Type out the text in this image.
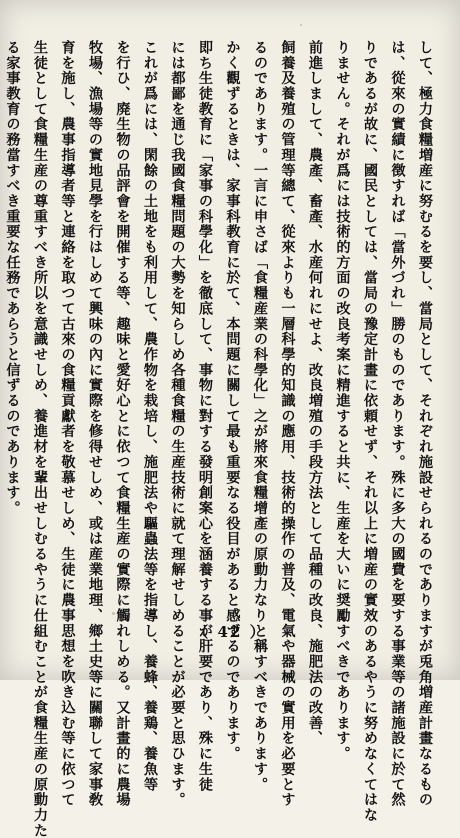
して、極力食糧増産に努むるを要し、當局として、それぞれ施設せられるのでありますが兎角増産計畫なるもの
は、從來の實績に徴すれば「當外づれ」勝のものであります。殊に多大の國費を要する事業等の諸施設に於て然
りであるが故に、國民としては、當局の豫定計畫に依頼せず、それ以上に増産の實效のあるやうに努めなくてはな
りません。それが爲には技術的方面の改良考案に精進すると共に、生産を大いに奨勵すべきであります。
前進しまして、農產、畜產、水産何れにせよ、改良増殖の手段方法として品種の改良、施肥法の改善、
飼養及養殖の管理等總て、從來よりも一層科學的知識の應用、技術的操作の普及、電氣や器械の實用を必要とす
るのであります。一言に申さば「食糧産業の科學化」之が將來食糧增產の原動力なりと稱すべきであります。
かく觀ずるときは、家事科教育に於て、本問題に關して最も重要なる役目があると感ずるのであります。
即ち生徒教育に「家事の科學化」を徹底して、事物に對する發明創案心を涵養する事が肝要であり、殊に生徒
には都鄙を通じ我國食糧問題の大勢を知らしめ各種食糧の生産技術に就て理解せしめることが必要と思ひます。
これが爲には、閑餘の土地をも利用して、農作物を栽培し、施肥法や驅蟲法等を指導し、養蜂、養鶏、養魚等
を行ひ、廃生物の品評會を開催する等、趣味と愛好心とに依つて食糧生産の實際に觸れしめる。又計畫的に農場
牧場、漁場等の實地見學を行はしめて興味の內に實際を修得せしめ、或は産業地理、鄉土史等に關聯して家事敎
育を施し、農事指導者等と連絡を取つて古來の食糧貢獻者を敬慕せしめ、生徒に農事思想を吹き込む等に依つて
生徒として食糧生産の尊重すべき所以を意識せしめ、養進材を輩出せしむるやうに仕組むことが食糧生産の原動力た
る家事教育の務當すべき重要な任務であらうと信ずるのであります。
（ 42 ）
